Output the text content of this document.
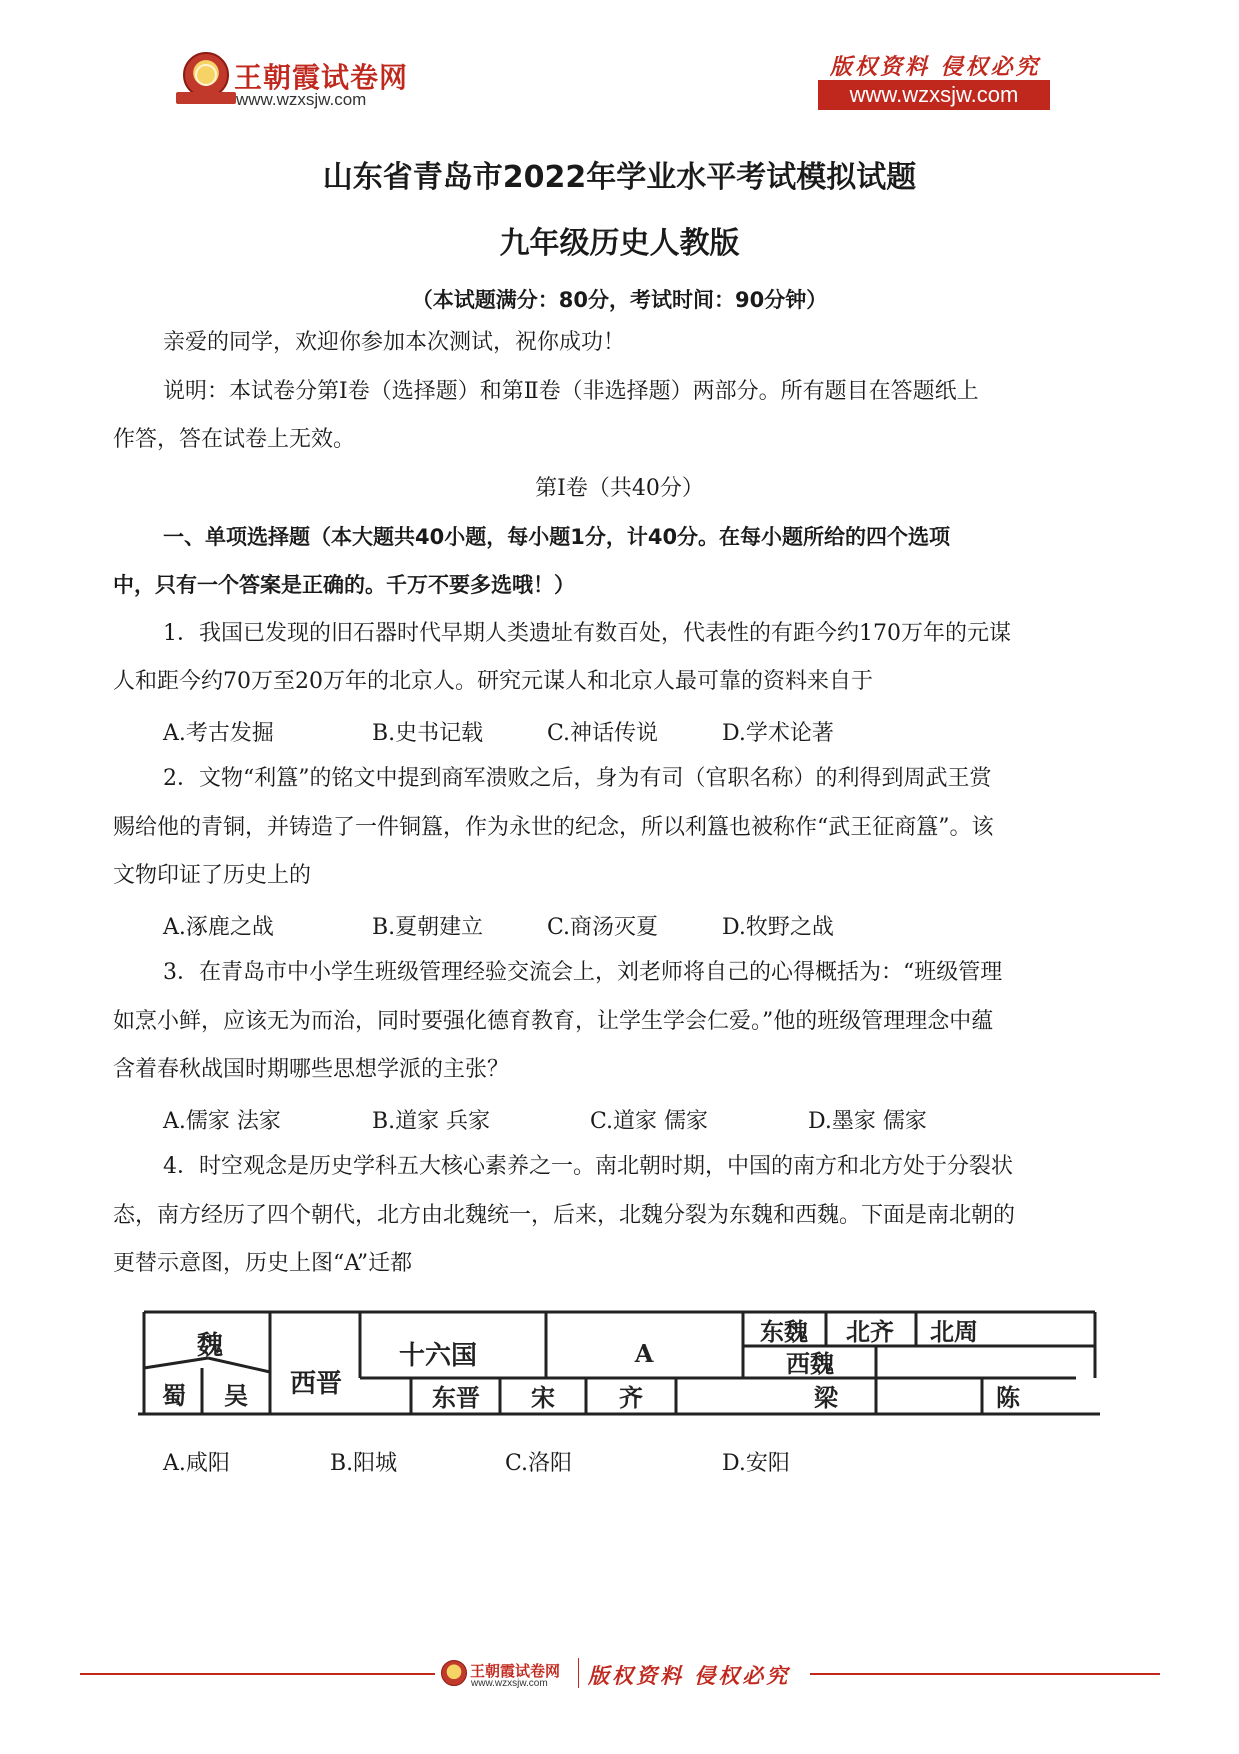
王朝霞试卷网
www.wzxsjw.com
版权资料 侵权必究
www.wzxsjw.com
山东省青岛市2022年学业水平考试模拟试题
九年级历史人教版
（本试题满分：80分，考试时间：90分钟）
亲爱的同学，欢迎你参加本次测试，祝你成功！
说明：本试卷分第Ⅰ卷（选择题）和第Ⅱ卷（非选择题）两部分。所有题目在答题纸上
作答，答在试卷上无效。
第Ⅰ卷（共40分）
一、单项选择题（本大题共40小题，每小题1分，计40分。在每小题所给的四个选项
中，只有一个答案是正确的。千万不要多选哦！）
1．我国已发现的旧石器时代早期人类遗址有数百处，代表性的有距今约170万年的元谋
人和距今约70万至20万年的北京人。研究元谋人和北京人最可靠的资料来自于
A.考古发掘	B.史书记载	C.神话传说	D.学术论著
2．文物“利簋”的铭文中提到商军溃败之后，身为有司（官职名称）的利得到周武王赏
赐给他的青铜，并铸造了一件铜簋，作为永世的纪念，所以利簋也被称作“武王征商簋”。该
文物印证了历史上的
A.涿鹿之战	B.夏朝建立	C.商汤灭夏	D.牧野之战
3．在青岛市中小学生班级管理经验交流会上，刘老师将自己的心得概括为：“班级管理
如烹小鲜，应该无为而治，同时要强化德育教育，让学生学会仁爱。”他的班级管理理念中蕴
含着春秋战国时期哪些思想学派的主张？
A.儒家 法家	B.道家 兵家	C.道家 儒家	D.墨家 儒家
4．时空观念是历史学科五大核心素养之一。南北朝时期，中国的南方和北方处于分裂状
态，南方经历了四个朝代，北方由北魏统一，后来，北魏分裂为东魏和西魏。下面是南北朝的
更替示意图，历史上图“A”迁都
魏
蜀 吴 西晋
十六国	A
东魏 北齐 北周
西魏
东晋 宋	齐	梁	陈
A.咸阳	B.阳城	C.洛阳	D.安阳
王朝霞试卷网
www.wzxsjw.com 版权资料 侵权必究
